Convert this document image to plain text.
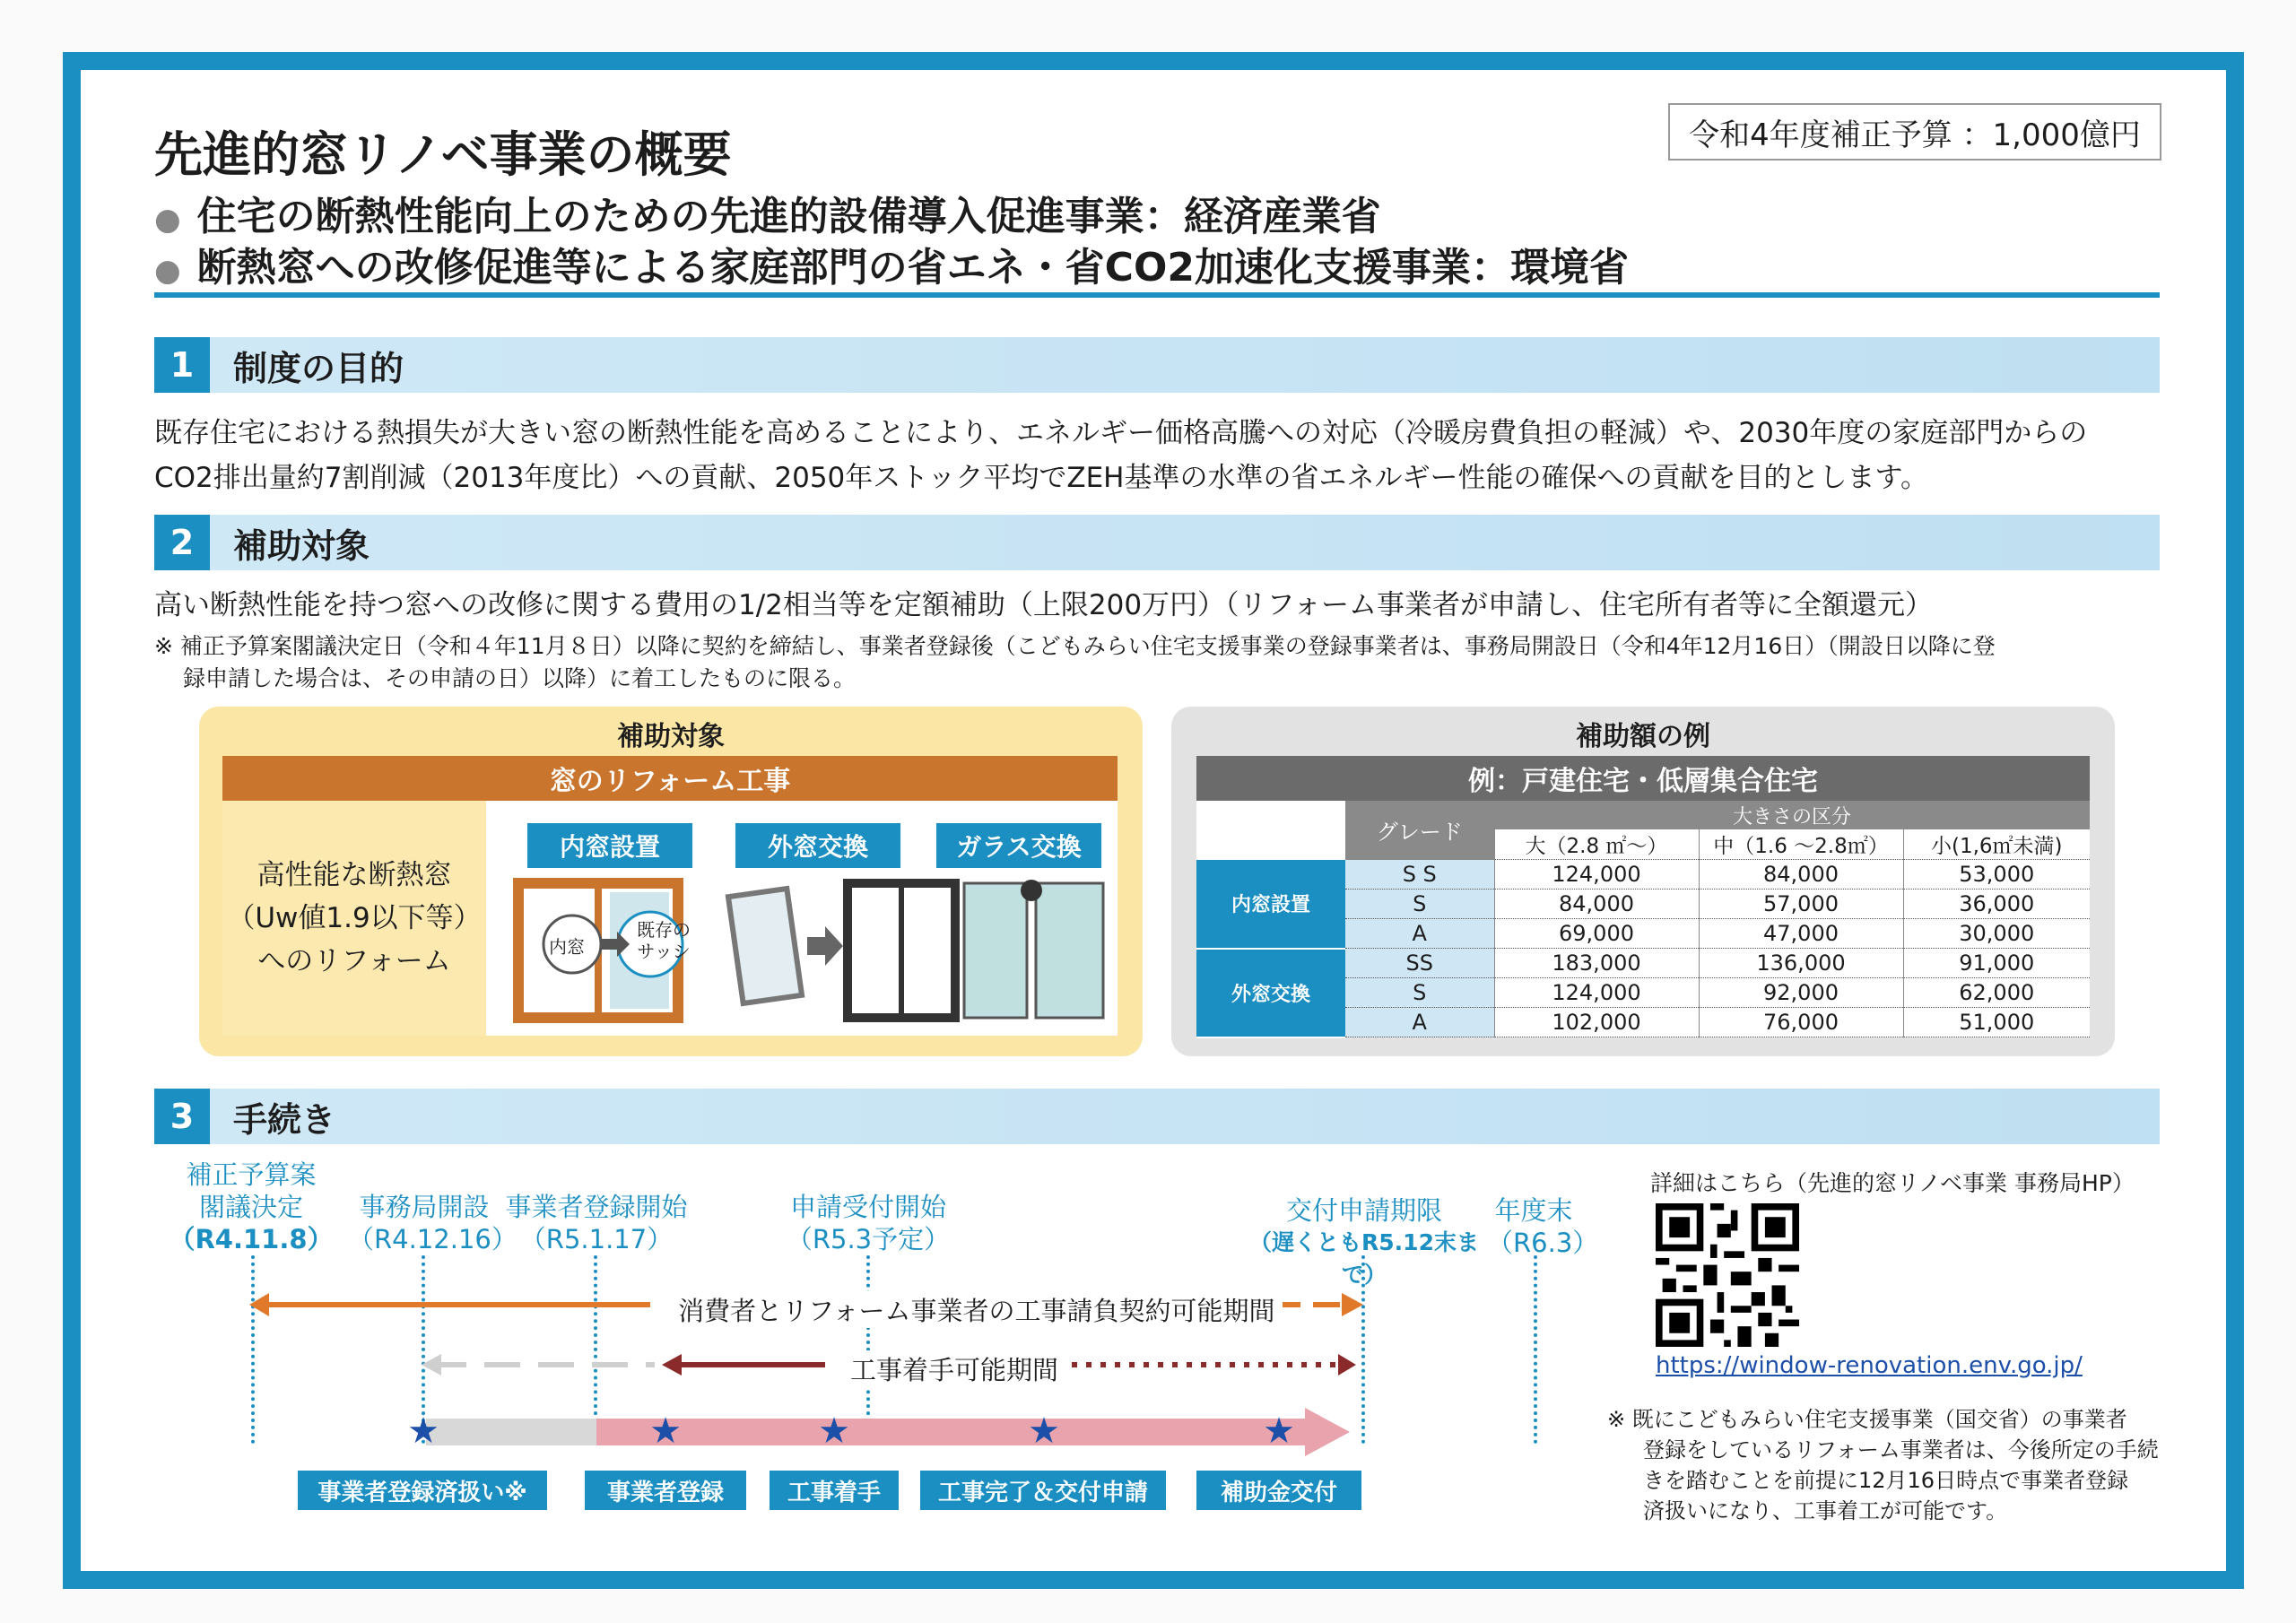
令和4年度補正予算 ：1,000億円
先進的窓リノベ事業の概要
● 住宅の断熱性能向上のための先進的設備導入促進事業：経済産業省
● 断熱窓への改修促進等による家庭部門の省エネ・省CO2加速化支援事業：環境省
1	制度の目的
既存住宅における熱損失が大きい窓の断熱性能を高めることにより、エネルギー価格高騰への対応（冷暖房費負担の軽減）や、2030年度の家庭部門からの
CO2排出量約7割削減（2013年度比）への貢献、2050年ストック平均でZEH基準の水準の省エネルギー性能の確保への貢献を目的とします。
2	補助対象
高い断熱性能を持つ窓への改修に関する費用の1/2相当等を定額補助（上限200万円）（リフォーム事業者が申請し、住宅所有者等に全額還元）
※ 補正予算案閣議決定日（令和４年11月８日）以降に契約を締結し、事業者登録後（こどもみらい住宅支援事業の登録事業者は、事務局開設日（令和4年12月16日）（開設日以降に登
録申請した場合は、その申請の日）以降）に着工したものに限る。
補助対象
窓のリフォーム工事
高性能な断熱窓
（Uw値1.9以下等）
へのリフォーム
内窓設置	外窓交換	ガラス交換
内窓
既存の
サッシ
補助額の例
例：戸建住宅・低層集合住宅				
	グレード	大きさの区分		
		大（2.8 ㎡～）	中（1.6 ～2.8㎡）	小(1,6㎡未満)
内窓設置	S S	124,000	84,000	53,000
	S	84,000	57,000	36,000
	A	69,000	47,000	30,000
外窓交換	SS	183,000	136,000	91,000
	S	124,000	92,000	62,000
	A	102,000	76,000	51,000
3	手続き
補正予算案
閣議決定
（R4.11.8）
事務局開設
（R4.12.16）
事業者登録開始
（R5.1.17）
申請受付開始
（R5.3予定）
交付申請期限
（遅くともR5.12末まで）
年度末
（R6.3）
消費者とリフォーム事業者の工事請負契約可能期間
工事着手可能期間
★	★	★	★	★
事業者登録済扱い※	事業者登録	工事着手	工事完了＆交付申請	補助金交付
詳細はこちら（先進的窓リノベ事業 事務局HP）
https://window-renovation.env.go.jp/
※ 既にこどもみらい住宅支援事業（国交省）の事業者
登録をしているリフォーム事業者は、今後所定の手続
きを踏むことを前提に12月16日時点で事業者登録
済扱いになり、工事着工が可能です。
